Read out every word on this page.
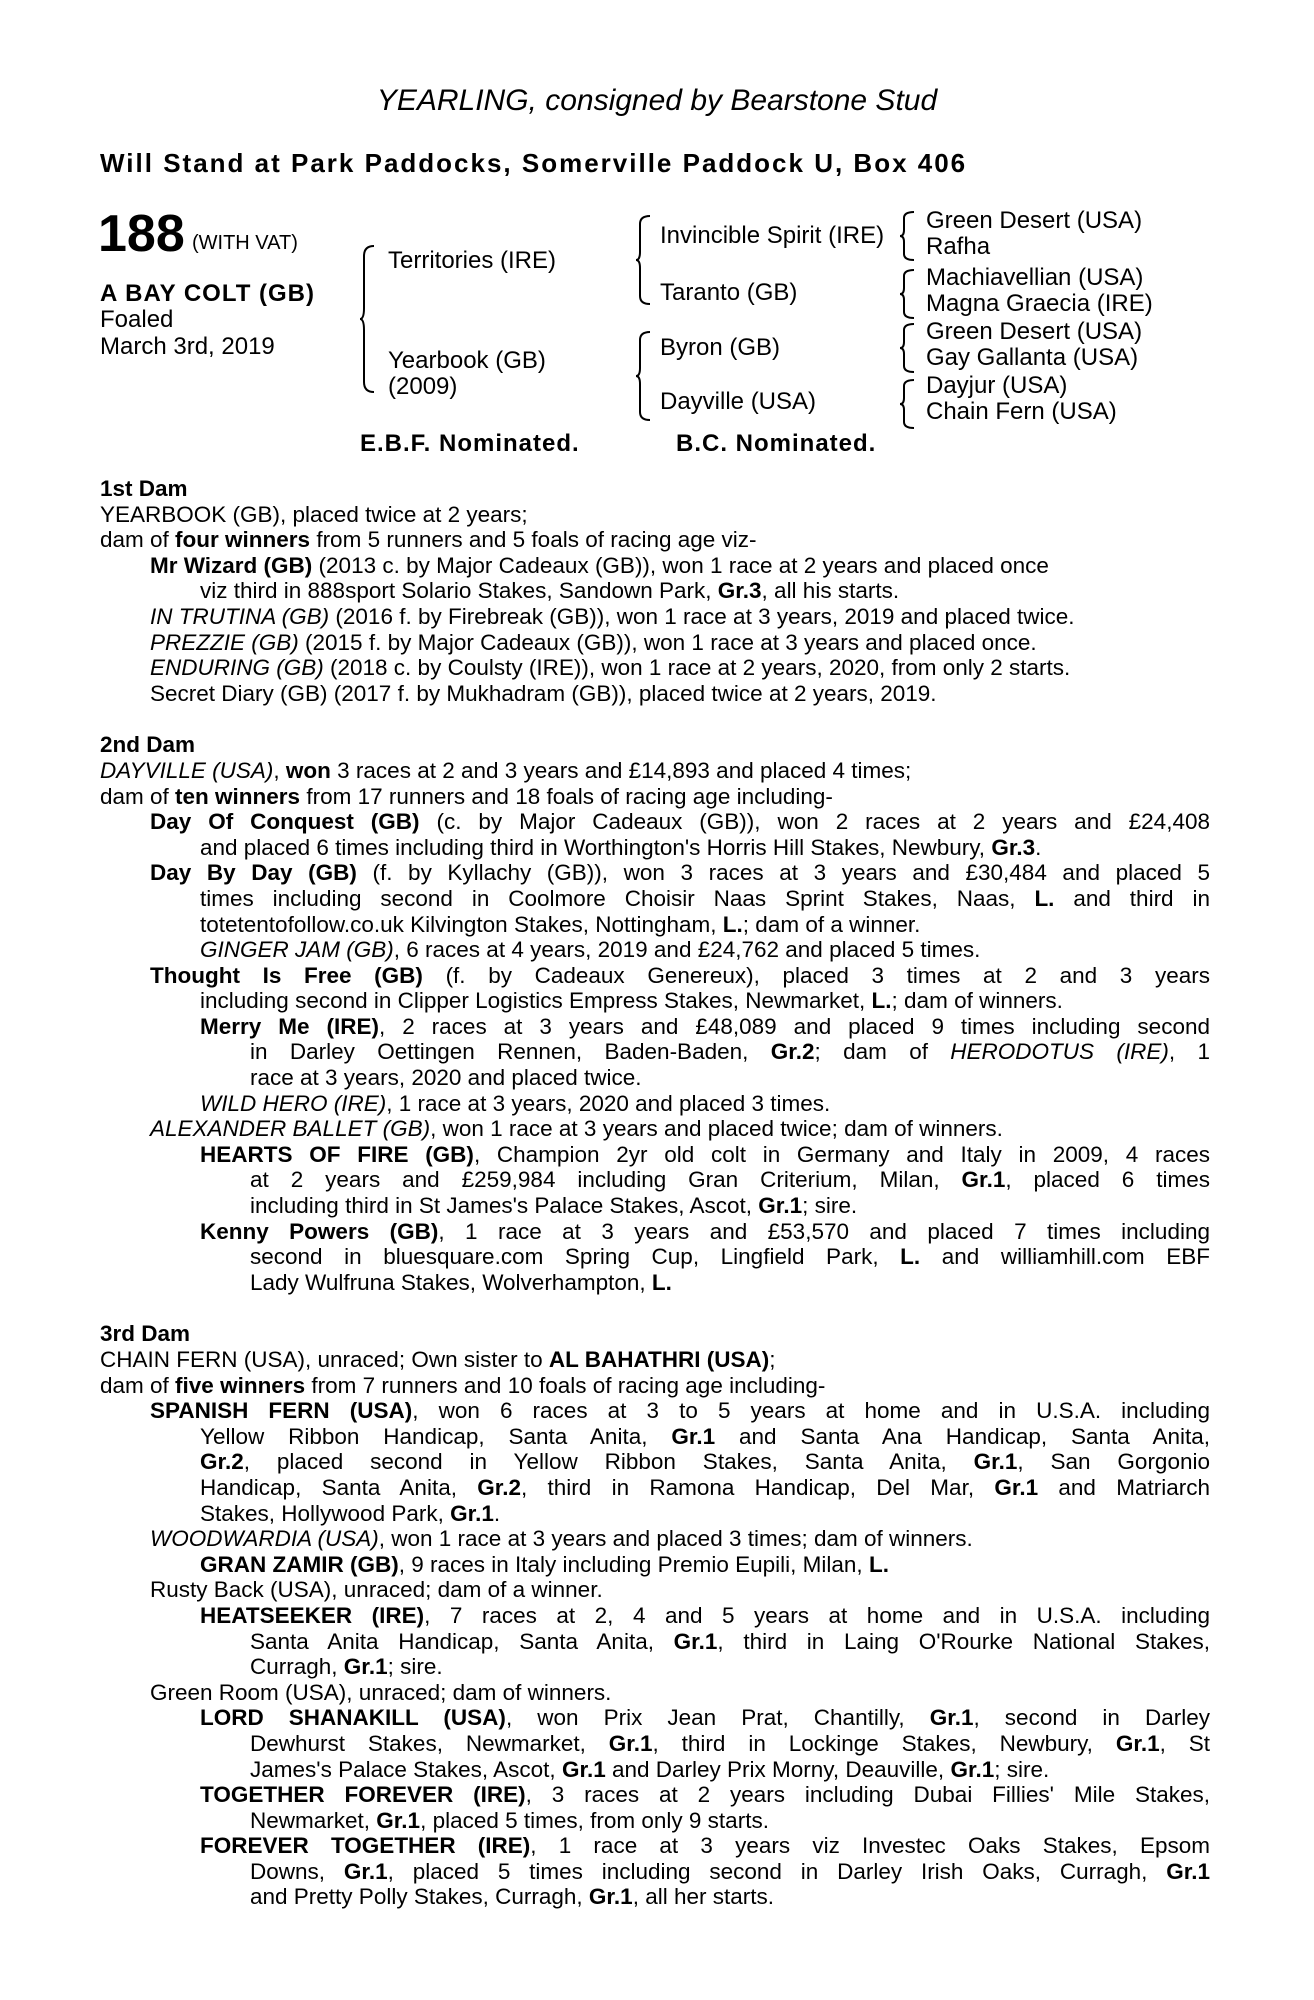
YEARLING, consigned by Bearstone Stud
Will Stand at Park Paddocks, Somerville Paddock U, Box 406
188 (WITH VAT)
A BAY COLT (GB)
Foaled
March 3rd, 2019
Territories (IRE)
Yearbook (GB)
(2009)
Invincible Spirit (IRE)
Taranto (GB)
Byron (GB)
Dayville (USA)
Green Desert (USA)
Rafha
Machiavellian (USA)
Magna Graecia (IRE)
Green Desert (USA)
Gay Gallanta (USA)
Dayjur (USA)
Chain Fern (USA)
E.B.F. Nominated.	B.C. Nominated.

1st Dam

YEARBOOK (GB), placed twice at 2 years;

dam of four winners from 5 runners and 5 foals of racing age viz-

Mr Wizard (GB) (2013 c. by Major Cadeaux (GB)), won 1 race at 2 years and placed once

viz third in 888sport Solario Stakes, Sandown Park, Gr.3, all his starts.

IN TRUTINA (GB) (2016 f. by Firebreak (GB)), won 1 race at 3 years, 2019 and placed twice.

PREZZIE (GB) (2015 f. by Major Cadeaux (GB)), won 1 race at 3 years and placed once.

ENDURING (GB) (2018 c. by Coulsty (IRE)), won 1 race at 2 years, 2020, from only 2 starts.

Secret Diary (GB) (2017 f. by Mukhadram (GB)), placed twice at 2 years, 2019.

2nd Dam

DAYVILLE (USA), won 3 races at 2 and 3 years and £14,893 and placed 4 times;

dam of ten winners from 17 runners and 18 foals of racing age including-

Day Of Conquest (GB) (c. by Major Cadeaux (GB)), won 2 races at 2 years and £24,408

and placed 6 times including third in Worthington's Horris Hill Stakes, Newbury, Gr.3.

Day By Day (GB) (f. by Kyllachy (GB)), won 3 races at 3 years and £30,484 and placed 5

times including second in Coolmore Choisir Naas Sprint Stakes, Naas, L. and third in

totetentofollow.co.uk Kilvington Stakes, Nottingham, L.; dam of a winner.

GINGER JAM (GB), 6 races at 4 years, 2019 and £24,762 and placed 5 times.

Thought Is Free (GB) (f. by Cadeaux Genereux), placed 3 times at 2 and 3 years

including second in Clipper Logistics Empress Stakes, Newmarket, L.; dam of winners.

Merry Me (IRE), 2 races at 3 years and £48,089 and placed 9 times including second

in Darley Oettingen Rennen, Baden-Baden, Gr.2; dam of HERODOTUS (IRE), 1

race at 3 years, 2020 and placed twice.

WILD HERO (IRE), 1 race at 3 years, 2020 and placed 3 times.

ALEXANDER BALLET (GB), won 1 race at 3 years and placed twice; dam of winners.

HEARTS OF FIRE (GB), Champion 2yr old colt in Germany and Italy in 2009, 4 races

at 2 years and £259,984 including Gran Criterium, Milan, Gr.1, placed 6 times

including third in St James's Palace Stakes, Ascot, Gr.1; sire.

Kenny Powers (GB), 1 race at 3 years and £53,570 and placed 7 times including

second in bluesquare.com Spring Cup, Lingfield Park, L. and williamhill.com EBF

Lady Wulfruna Stakes, Wolverhampton, L.

3rd Dam

CHAIN FERN (USA), unraced; Own sister to AL BAHATHRI (USA);

dam of five winners from 7 runners and 10 foals of racing age including-

SPANISH FERN (USA), won 6 races at 3 to 5 years at home and in U.S.A. including

Yellow Ribbon Handicap, Santa Anita, Gr.1 and Santa Ana Handicap, Santa Anita,

Gr.2, placed second in Yellow Ribbon Stakes, Santa Anita, Gr.1, San Gorgonio

Handicap, Santa Anita, Gr.2, third in Ramona Handicap, Del Mar, Gr.1 and Matriarch

Stakes, Hollywood Park, Gr.1.

WOODWARDIA (USA), won 1 race at 3 years and placed 3 times; dam of winners.

GRAN ZAMIR (GB), 9 races in Italy including Premio Eupili, Milan, L.

Rusty Back (USA), unraced; dam of a winner.

HEATSEEKER (IRE), 7 races at 2, 4 and 5 years at home and in U.S.A. including

Santa Anita Handicap, Santa Anita, Gr.1, third in Laing O'Rourke National Stakes,

Curragh, Gr.1; sire.

Green Room (USA), unraced; dam of winners.

LORD SHANAKILL (USA), won Prix Jean Prat, Chantilly, Gr.1, second in Darley

Dewhurst Stakes, Newmarket, Gr.1, third in Lockinge Stakes, Newbury, Gr.1, St

James's Palace Stakes, Ascot, Gr.1 and Darley Prix Morny, Deauville, Gr.1; sire.

TOGETHER FOREVER (IRE), 3 races at 2 years including Dubai Fillies' Mile Stakes,

Newmarket, Gr.1, placed 5 times, from only 9 starts.

FOREVER TOGETHER (IRE), 1 race at 3 years viz Investec Oaks Stakes, Epsom

Downs, Gr.1, placed 5 times including second in Darley Irish Oaks, Curragh, Gr.1

and Pretty Polly Stakes, Curragh, Gr.1, all her starts.
